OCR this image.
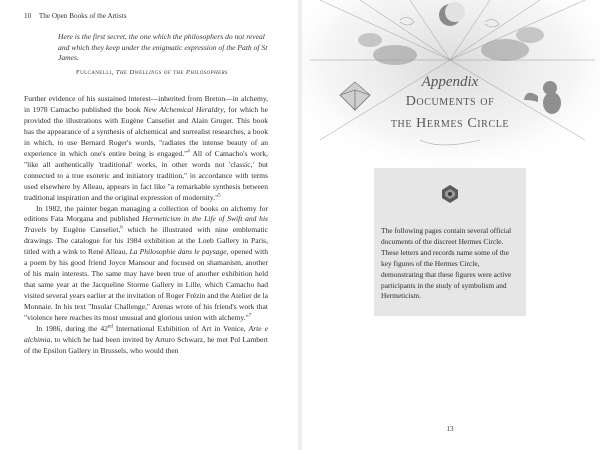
10 The Open Books of the Artists
Here is the first secret, the one which the philosophers do not reveal and which they keep under the enigmatic expression of the Path of St James.
Fulcanelli, The Dwellings of the Philosophers

Further evidence of his sustained interest—inherited from Breton—in alchemy, in 1978 Camacho published the book New Alchemical Heraldry, for which he provided the illustrations with Eugène Canseliet and Alain Gruger. This book has the appearance of a synthesis of alchemical and surrealist researches, a book in which, to use Bernard Roger's words, "radiates the intense beauty of an experience in which one's entire being is engaged."$^4$ All of Camacho's work, "like all authentically 'traditional' works, in other words not 'classic,' but connected to a true esoteric and initiatory tradition," in accordance with terms used elsewhere by Alleau, appears in fact like "a remarkable synthesis between traditional inspiration and the original expression of modernity."$^5$

In 1982, the painter began managing a collection of books on alchemy for editions Fata Morgana and published Hermeticism in the Life of Swift and his Travels by Eugène Canseliet,$^6$ which he illustrated with nine emblematic drawings. The catalogue for his 1984 exhibition at the Loeb Gallery in Paris, titled with a wink to René Alleau, La Philosophie dans le paysage, opened with a poem by his good friend Joyce Mansour and focused on shamanism, another of his main interests. The same may have been true of another exhibition held that same year at the Jacqueline Storme Gallery in Lille, which Camacho had visited several years earlier at the invitation of Roger Frézin and the Atelier de la Monnaie. In his text "Insular Challenge," Arenas wrote of his friend's work that "violence here reaches its most unusual and glorious union with alchemy."$^7$

In 1986, during the 42nd International Exhibition of Art in Venice, Arte e alchimia, to which he had been invited by Arturo Schwarz, he met Pol Lambert of the Epsilon Gallery in Brussels, who would then

Appendix
Documents of
the Hermes Circle
The following pages contain several official documents of the discreet Hermes Circle. These letters and records name some of the key figures of the Hermes Circle, demonstrating that these figures were active participants in the study of symbolism and Hermeticism.
13
